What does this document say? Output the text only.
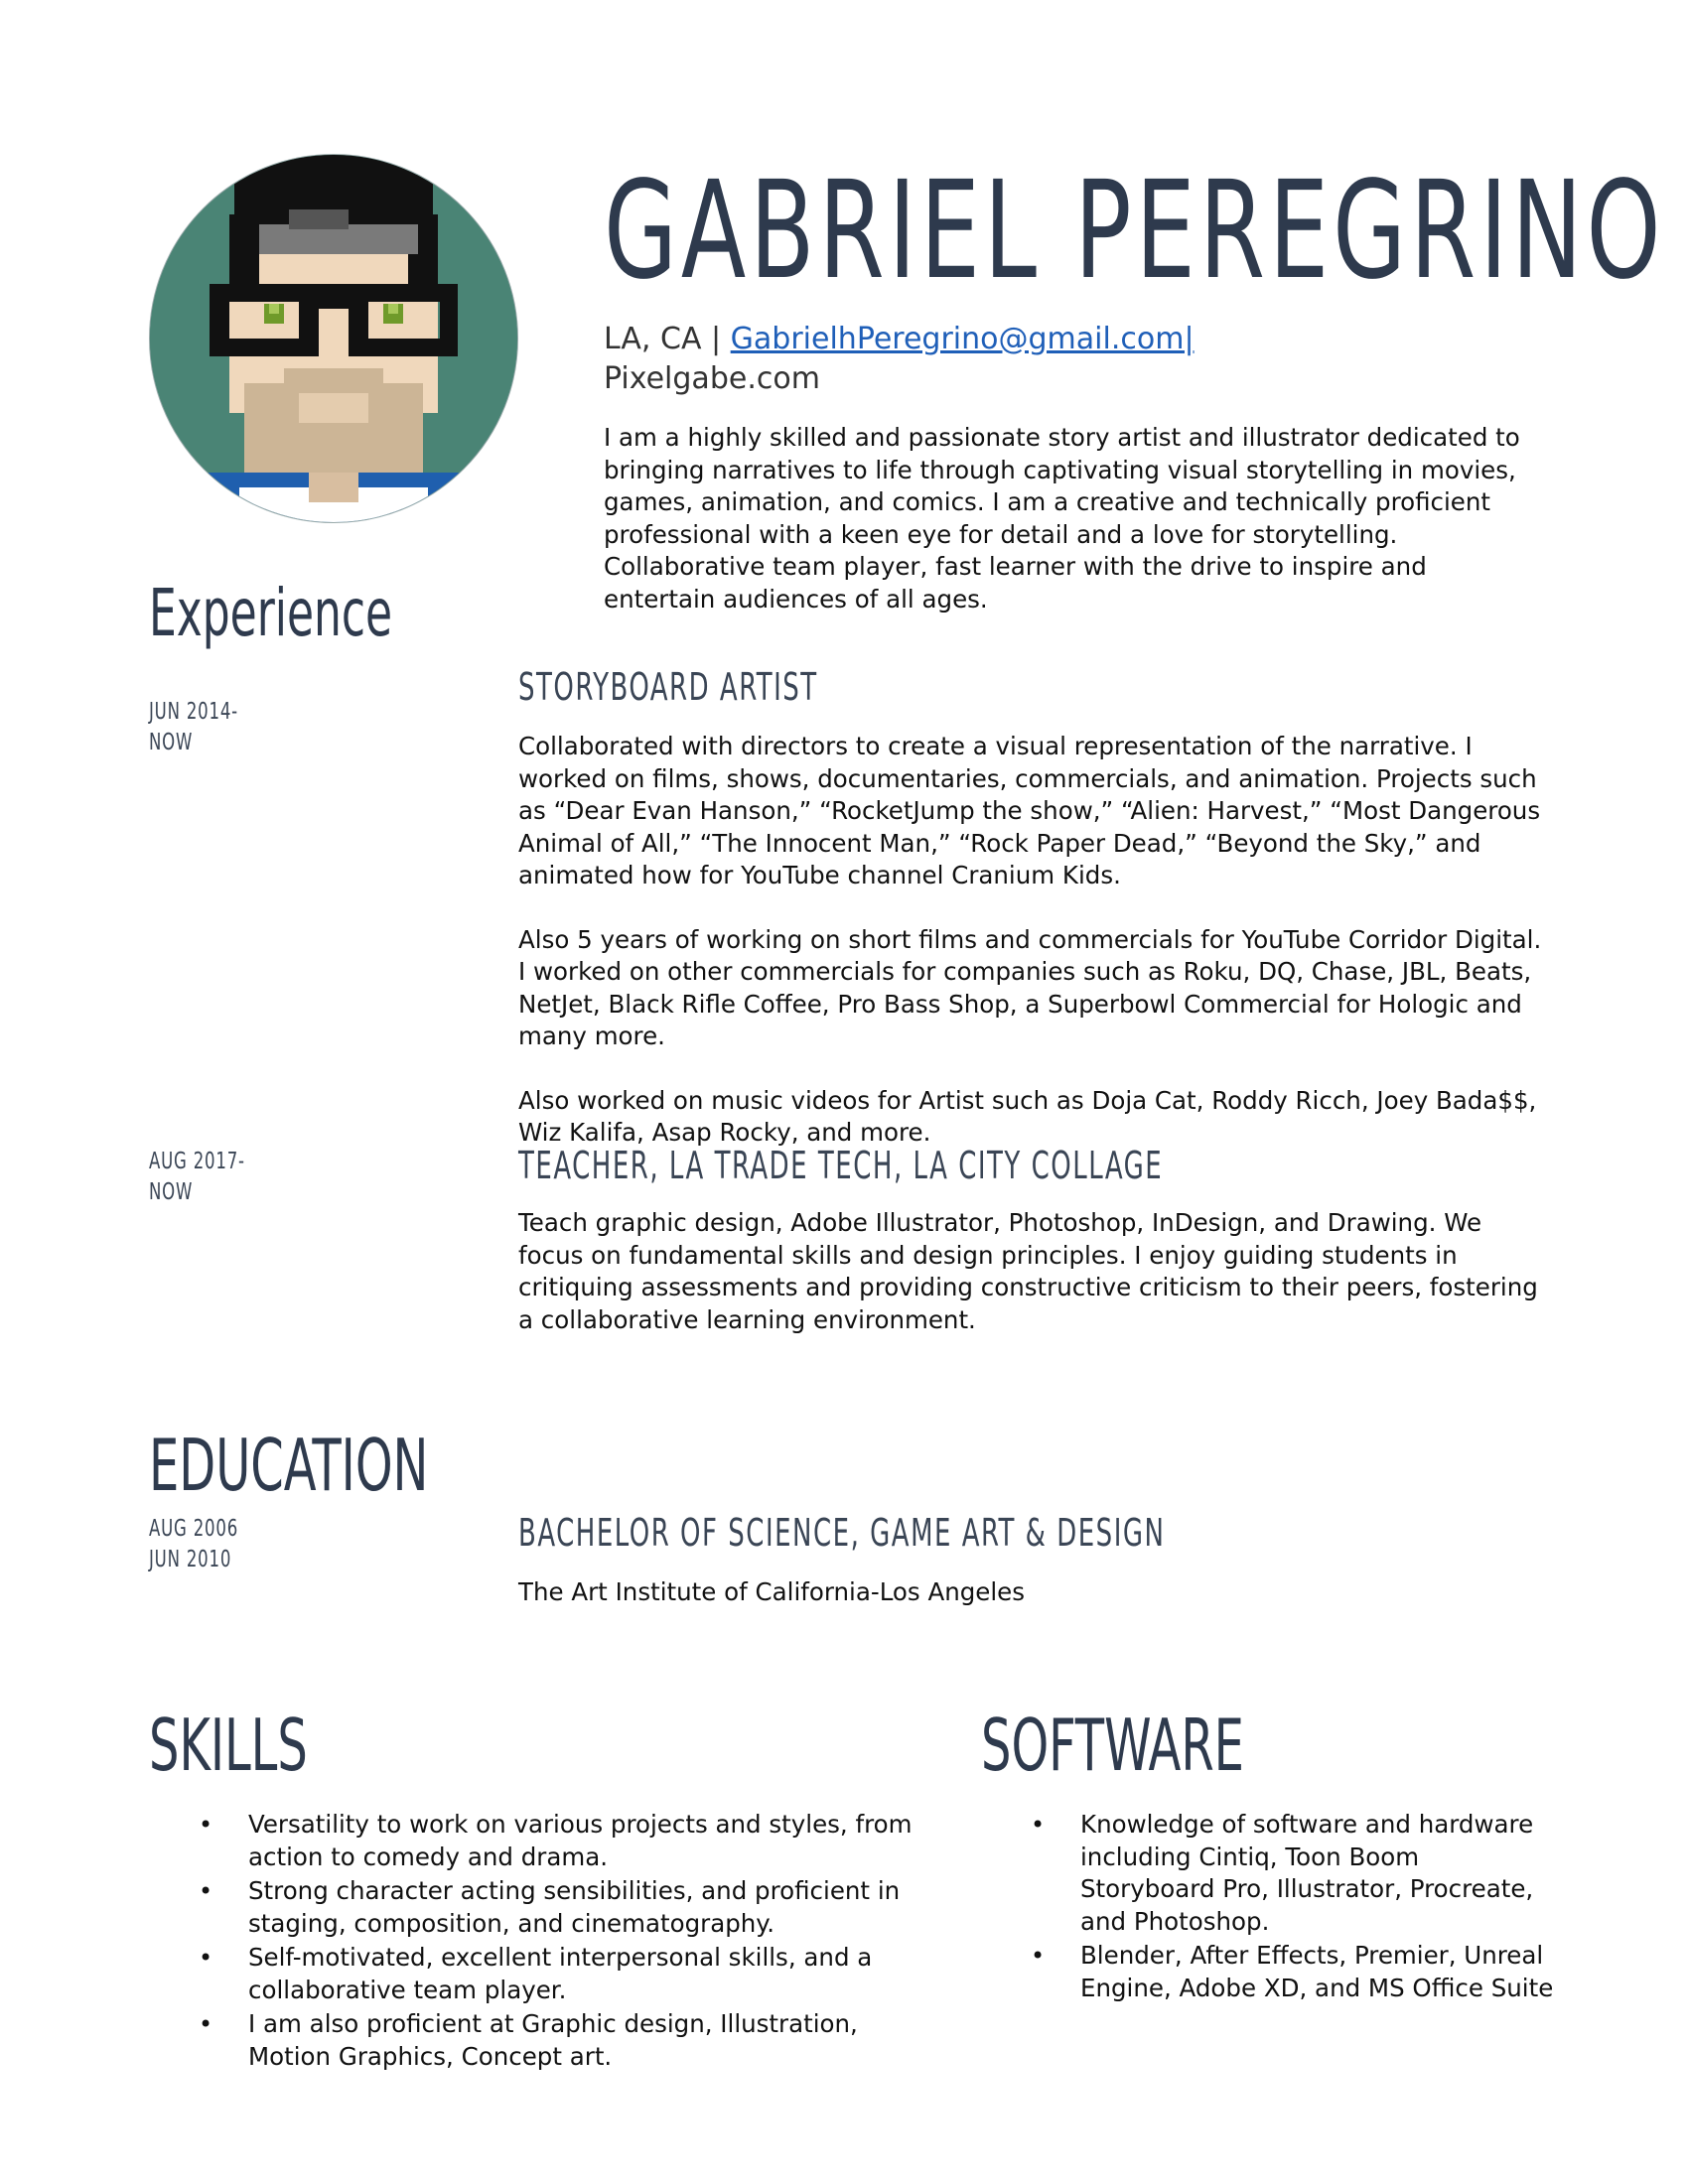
GABRIEL PEREGRINO
LA, CA | GabrielhPeregrino@gmail.com|
Pixelgabe.com
I am a highly skilled and passionate story artist and illustrator dedicated to bringing narratives to life through captivating visual storytelling in movies, games, animation, and comics. I am a creative and technically proficient professional with a keen eye for detail and a love for storytelling. Collaborative team player, fast learner with the drive to inspire and entertain audiences of all ages.
Experience
JUN 2014-
NOW
STORYBOARD ARTIST

Collaborated with directors to create a visual representation of the narrative. I worked on films, shows, documentaries, commercials, and animation. Projects such as “Dear Evan Hanson,” “RocketJump the show,” “Alien: Harvest,” “Most Dangerous Animal of All,” “The Innocent Man,” “Rock Paper Dead,” “Beyond the Sky,” and animated how for YouTube channel Cranium Kids.

Also 5 years of working on short films and commercials for YouTube Corridor Digital. I worked on other commercials for companies such as Roku, DQ, Chase, JBL, Beats, NetJet, Black Rifle Coffee, Pro Bass Shop, a Superbowl Commercial for Hologic and many more.

Also worked on music videos for Artist such as Doja Cat, Roddy Ricch, Joey Bada$$, Wiz Kalifa, Asap Rocky, and more.

AUG 2017-
NOW
TEACHER, LA TRADE TECH, LA CITY COLLAGE

Teach graphic design, Adobe Illustrator, Photoshop, InDesign, and Drawing. We focus on fundamental skills and design principles. I enjoy guiding students in critiquing assessments and providing constructive criticism to their peers, fostering a collaborative learning environment.

EDUCATION
AUG 2006
JUN 2010
BACHELOR OF SCIENCE, GAME ART & DESIGN
The Art Institute of California-Los Angeles
SKILLS
• Versatility to work on various projects and styles, from action to comedy and drama.
• Strong character acting sensibilities, and proficient in staging, composition, and cinematography.
• Self-motivated, excellent interpersonal skills, and a collaborative team player.
• I am also proficient at Graphic design, Illustration, Motion Graphics, Concept art.
SOFTWARE
• Knowledge of software and hardware including Cintiq, Toon Boom Storyboard Pro, Illustrator, Procreate, and Photoshop.
• Blender, After Effects, Premier, Unreal Engine, Adobe XD, and MS Office Suite
